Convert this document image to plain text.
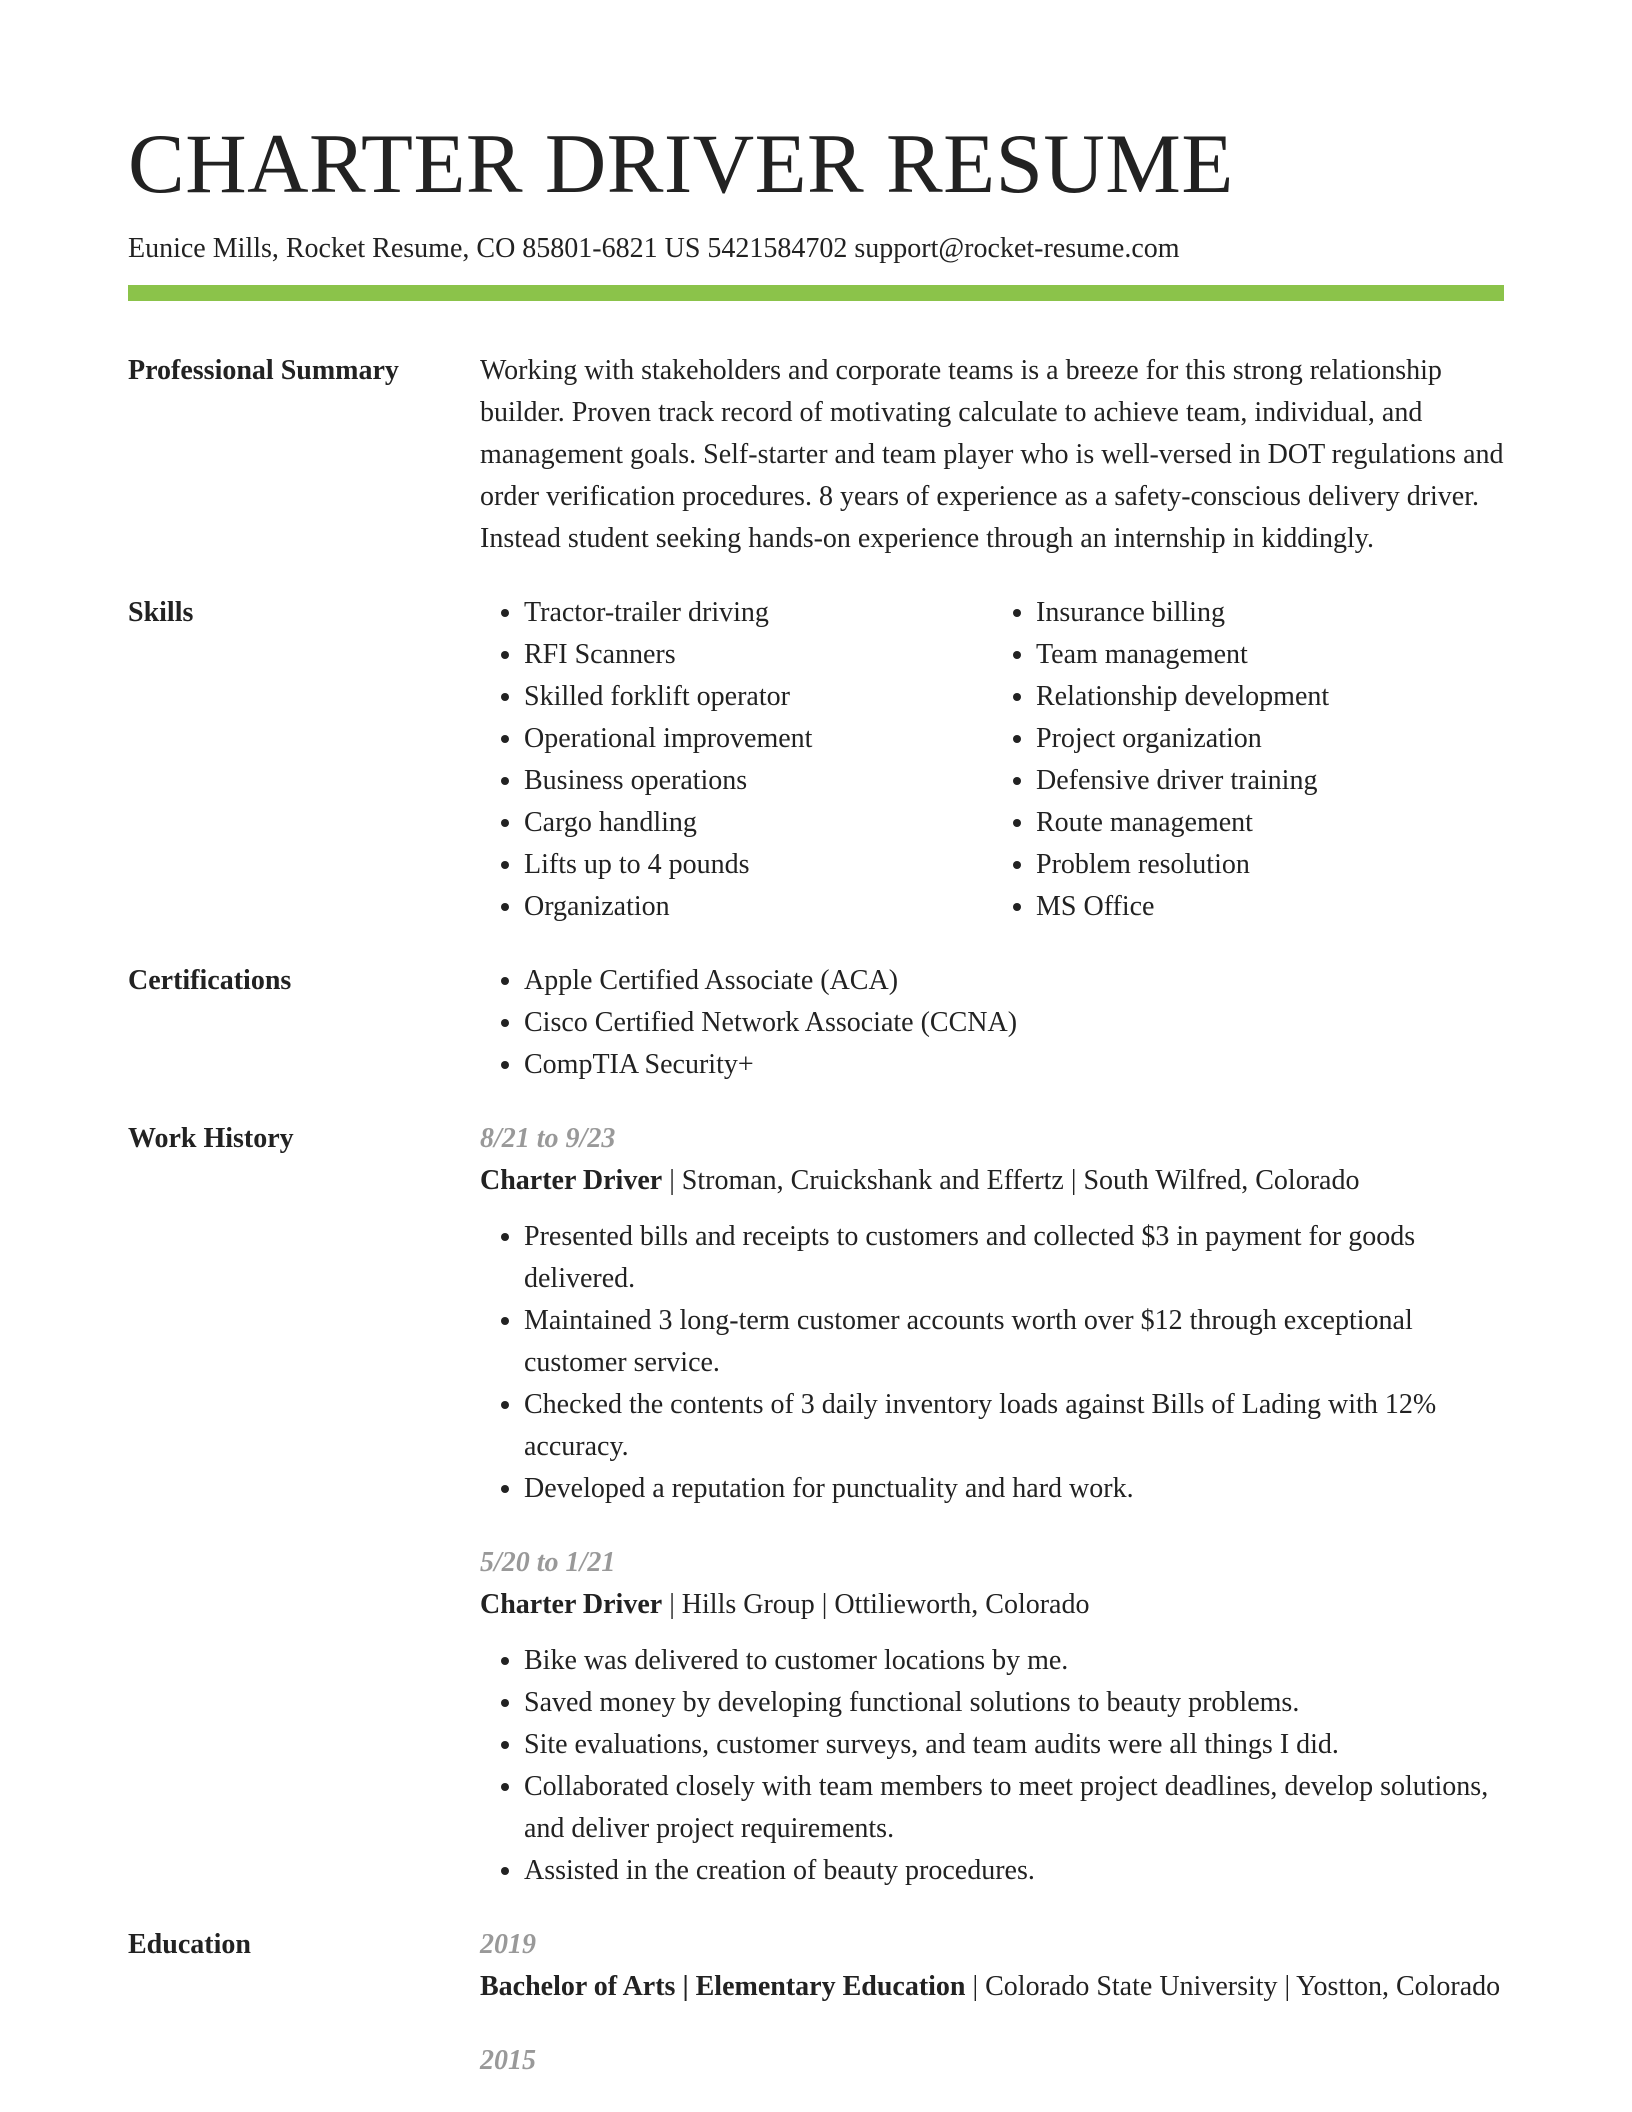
CHARTER DRIVER RESUME
Eunice Mills, Rocket Resume, CO 85801-6821 US 5421584702 support@rocket-resume.com
Professional Summary	Working with stakeholders and corporate teams is a breeze for this strong relationship builder. Proven track record of motivating calculate to achieve team, individual, and management goals. Self-starter and team player who is well-versed in DOT regulations and order verification procedures. 8 years of experience as a safety-conscious delivery driver. Instead student seeking hands-on experience through an internship in kiddingly.

Skills	• Tractor-trailer driving
• RFI Scanners
• Skilled forklift operator
• Operational improvement
• Business operations
• Cargo handling
• Lifts up to 4 pounds
• Organization
• Insurance billing
• Team management
• Relationship development
• Project organization
• Defensive driver training
• Route management
• Problem resolution
• MS Office
Certifications	• Apple Certified Associate (ACA)
• Cisco Certified Network Associate (CCNA)
• CompTIA Security+
Work History	8/21 to 9/23
Charter Driver | Stroman, Cruickshank and Effertz | South Wilfred, Colorado
• Presented bills and receipts to customers and collected $3 in payment for goods delivered.
• Maintained 3 long-term customer accounts worth over $12 through exceptional customer service.
• Checked the contents of 3 daily inventory loads against Bills of Lading with 12% accuracy.
• Developed a reputation for punctuality and hard work.
5/20 to 1/21
Charter Driver | Hills Group | Ottilieworth, Colorado
• Bike was delivered to customer locations by me.
• Saved money by developing functional solutions to beauty problems.
• Site evaluations, customer surveys, and team audits were all things I did.
• Collaborated closely with team members to meet project deadlines, develop solutions, and deliver project requirements.
• Assisted in the creation of beauty procedures.
Education	2019
Bachelor of Arts | Elementary Education | Colorado State University | Yostton, Colorado
2015
